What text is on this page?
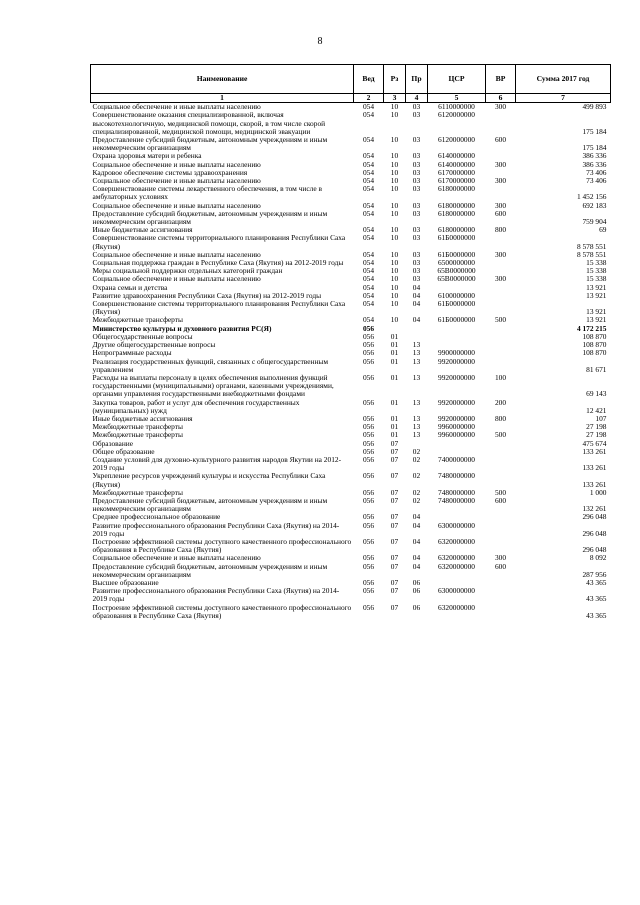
8
Наименование	Вед	Рз	Пр	ЦСР	ВР	Сумма 2017 год
1	2	3	4	5	6	7
Социальное обеспечение и иные выплаты населению	054	10	03	6110000000	300	499 893
Совершенствование оказания специализированной, включая высокотехнологичную, медицинской помощи, скорой, в том числе скорой специализированной, медицинской помощи, медицинской эвакуации	054	10	03	6120000000		175 184
Предоставление субсидий бюджетным, автономным учреждениям и иным некоммерческим организациям	054	10	03	6120000000	600	175 184
Охрана здоровья матери и ребенка	054	10	03	6140000000		386 336
Социальное обеспечение и иные выплаты населению	054	10	03	6140000000	300	386 336
Кадровое обеспечение системы здравоохранения	054	10	03	6170000000		73 406
Социальное обеспечение и иные выплаты населению	054	10	03	6170000000	300	73 406
Совершенствование системы лекарственного обеспечения, в том числе в амбулаторных условиях	054	10	03	6180000000		1 452 156
Социальное обеспечение и иные выплаты населению	054	10	03	6180000000	300	692 183
Предоставление субсидий бюджетным, автономным учреждениям и иным некоммерческим организациям	054	10	03	6180000000	600	759 904
Иные бюджетные ассигнования	054	10	03	6180000000	800	69
Совершенствование системы территориального планирования Республики Саха (Якутия)	054	10	03	61Б0000000		8 578 551
Социальное обеспечение и иные выплаты населению	054	10	03	61Б0000000	300	8 578 551
Социальная поддержка граждан в Республике Саха (Якутия) на 2012-2019 годы	054	10	03	6500000000		15 338
Меры социальной поддержки отдельных категорий граждан	054	10	03	65В0000000		15 338
Социальное обеспечение и иные выплаты населению	054	10	03	65В0000000	300	15 338
Охрана семьи и детства	054	10	04			13 921
Развитие здравоохранения Республики Саха (Якутия) на 2012-2019 годы	054	10	04	6100000000		13 921
Совершенствование системы территориального планирования Республики Саха (Якутия)	054	10	04	61Б0000000		13 921
Межбюджетные трансферты	054	10	04	61Б0000000	500	13 921
Министерство культуры и духовного развития РС(Я)	056					4 172 215
Общегосударственные вопросы	056	01				108 870
Другие общегосударственные вопросы	056	01	13			108 870
Непрограммные расходы	056	01	13	9900000000		108 870
Реализация государственных функций, связанных с общегосударственным управлением	056	01	13	9920000000		81 671
Расходы на выплаты персоналу в целях обеспечения выполнения функций государственными (муниципальными) органами, казенными учреждениями, органами управления государственными внебюджетными фондами	056	01	13	9920000000	100	69 143
Закупка товаров, работ и услуг для обеспечения государственных (муниципальных) нужд	056	01	13	9920000000	200	12 421
Иные бюджетные ассигнования	056	01	13	9920000000	800	107
Межбюджетные трансферты	056	01	13	9960000000		27 198
Межбюджетные трансферты	056	01	13	9960000000	500	27 198
Образование	056	07				475 674
Общее образование	056	07	02			133 261
Создание условий для духовно-культурного развития народов Якутии на 2012-2019 годы	056	07	02	7400000000		133 261
Укрепление ресурсов учреждений культуры и искусства Республики Саха (Якутия)	056	07	02	7480000000		133 261
Межбюджетные трансферты	056	07	02	7480000000	500	1 000
Предоставление субсидий бюджетным, автономным учреждениям и иным некоммерческим организациям	056	07	02	7480000000	600	132 261
Среднее профессиональное образование	056	07	04			296 048
Развитие профессионального образования Республики Саха (Якутия) на 2014-2019 годы	056	07	04	6300000000		296 048
Построение эффективной системы доступного качественного профессионального образования в Республике Саха (Якутия)	056	07	04	6320000000		296 048
Социальное обеспечение и иные выплаты населению	056	07	04	6320000000	300	8 092
Предоставление субсидий бюджетным, автономным учреждениям и иным некоммерческим организациям	056	07	04	6320000000	600	287 956
Высшее образование	056	07	06			43 365
Развитие профессионального образования Республики Саха (Якутия) на 2014-2019 годы	056	07	06	6300000000		43 365
Построение эффективной системы доступного качественного профессионального образования в Республике Саха (Якутия)	056	07	06	6320000000		43 365
